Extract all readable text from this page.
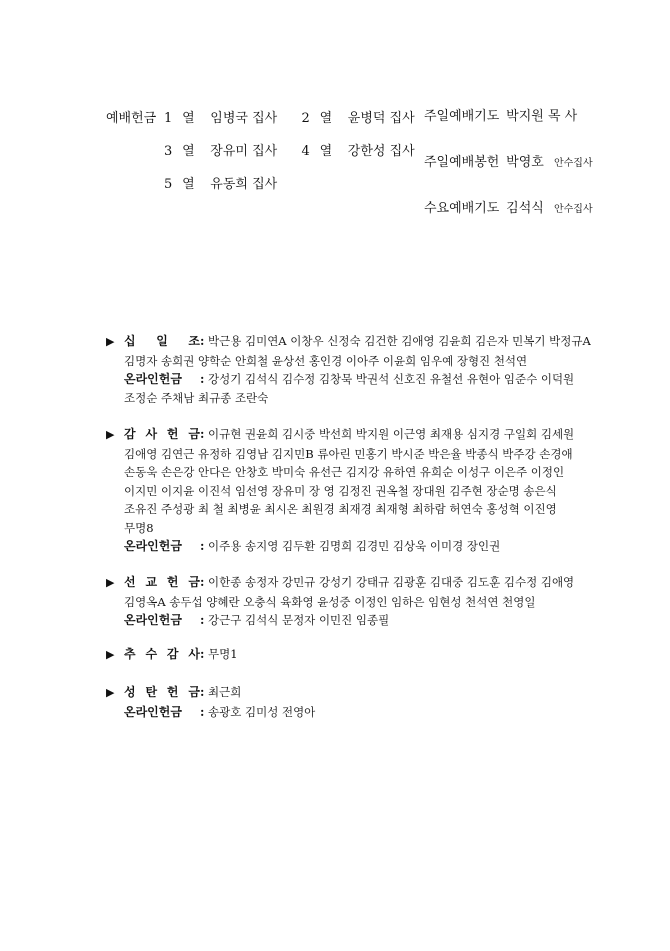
예배헌금 1 열 임병국 집사 2 열 윤병덕 집사
3 열 장유미 집사 4 열 강한성 집사
5 열 유동희 집사
주일예배기도 박지원 목 사
주일예배봉헌 박영호 안수집사
수요예배기도 김석식 안수집사
▶ 십 일 조: 박근용 김미연A 이창우 신정숙 김건한 김애영 김윤희 김은자 민복기 박정규A
김명자 송희권 양학순 안희철 윤상선 홍인경 이아주 이윤희 임우예 장형진 천석연
온라인헌금 : 강성기 김석식 김수정 김창묵 박권석 신호진 유철선 유현아 임준수 이덕원
조정순 주채남 최규종 조란숙
▶ 감 사 헌 금: 이규현 권윤희 김시중 박선희 박지원 이근영 최재용 심지경 구일회 김세원
김애영 김연근 유정하 김영남 김지민B 류아린 민홍기 박시준 박은율 박종식 박주강 손경애
손동욱 손은강 안다은 안창호 박미숙 유선근 김지강 유하연 유희순 이성구 이은주 이정인
이지민 이지윤 이진석 임선영 장유미 장 영 김정진 권옥철 장대원 김주현 장순명 송은식
조유진 주성광 최 철 최병윤 최시온 최원경 최재경 최재형 최하람 허연숙 홍성혁 이진영
무명8
온라인헌금 : 이주용 송지영 김두환 김명희 김경민 김상욱 이미경 장인권
▶ 선 교 헌 금: 이한종 송정자 강민규 강성기 강태규 김광훈 김대중 김도훈 김수정 김애영
김영옥A 송두섭 양혜란 오충식 육화영 윤성중 이정인 임하은 임현성 천석연 천영일
온라인헌금 : 강근구 김석식 문정자 이민진 임종필
▶ 추 수 감 사: 무명1
▶ 성 탄 헌 금: 최근희
온라인헌금 : 송광호 김미성 전영아
